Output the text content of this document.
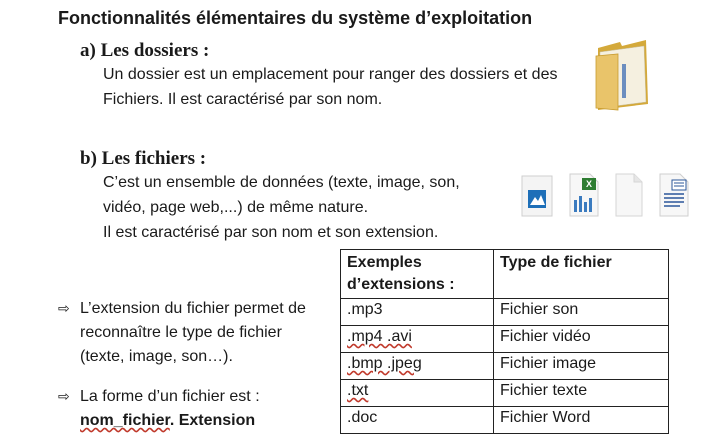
Fonctionnalités élémentaires du système d’exploitation
a) Les dossiers :
Un dossier est un emplacement pour ranger des dossiers et des
Fichiers. Il est caractérisé par son nom.
b) Les fichiers :
C’est un ensemble de données (texte, image, son,
vidéo, page web,...) de même nature.
Il est caractérisé par son nom et son extension.
X
⇨ L’extension du fichier permet de
reconnaître le type de fichier
(texte, image, son…).
⇨ La forme d’un fichier est :
nom_fichier. Extension
Exemples d’extensions :	Type de fichier
.mp3	Fichier son
.mp4 .avi	Fichier vidéo
.bmp .jpeg	Fichier image
.txt	Fichier texte
.doc	Fichier Word
